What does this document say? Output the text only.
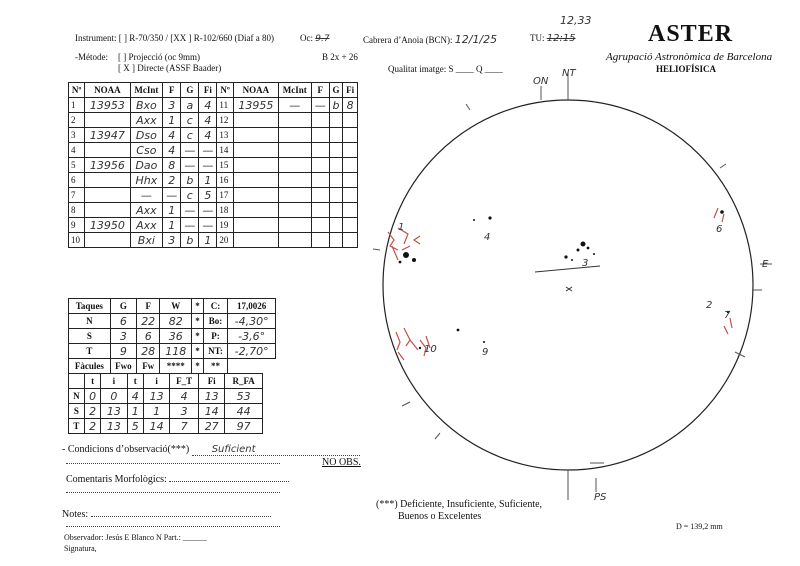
Instrument: [ ] R-70/350 / [XX ] R-102/660 (Diaf a 80)	Oc: 9.7	Cabrera d’Anoia (BCN): 12/1/25	TU: 12:15
12,33
-Métode: [ ] Projecció (oc 9mm)
[ X ] Directe (ASSF Baader)
B 2x + 26
Qualitat imatge: S ____ Q ____
ASTER
Agrupació Astronòmica de Barcelona
HELIOFÍSICA
Nº	NOAA	McInt	F	G	Fi	Nº	NOAA	McInt	F	G	Fi
1	13953	Bxo	3	a	4	11	13955	—	—	b	8
2		Axx	1	c	4	12					
3	13947	Dso	4	c	4	13					
4		Cso	4	—	—	14					
5	13956	Dao	8	—	—	15					
6		Hhx	2	b	1	16					
7		—	—	c	5	17					
8		Axx	1	—	—	18					
9	13950	Axx	1	—	—	19					
10		Bxi	3	b	1	20					
Taques	G	F	W	*	C:	17,0026
N	6	22	82	*	Bo:	-4,30°
S	3	6	36	*	P:	-3,6°
T	9	28	118	*	NT:	-2,70°
Fàcules	Fwo	Fw	****	*	**	
	t	i	t	i	F_T	Fi	R_FA
N	0	0	4	13	4	13	53
S	2	13	1	1	3	14	44
T	2	13	5	14	7	27	97
- Condicions d’observació(***) Suficient
Comentaris Morfològics:
Notes:
Observador: Jesús E Blanco N Part.: ______
Signatura,
NO OBS.
(***) Deficiente, Insuficiente, Suficiente,
Buenos o Excelentes
D = 139,2 mm
ON
NT
E
PS
1
4
3
6
7
9
10
2
